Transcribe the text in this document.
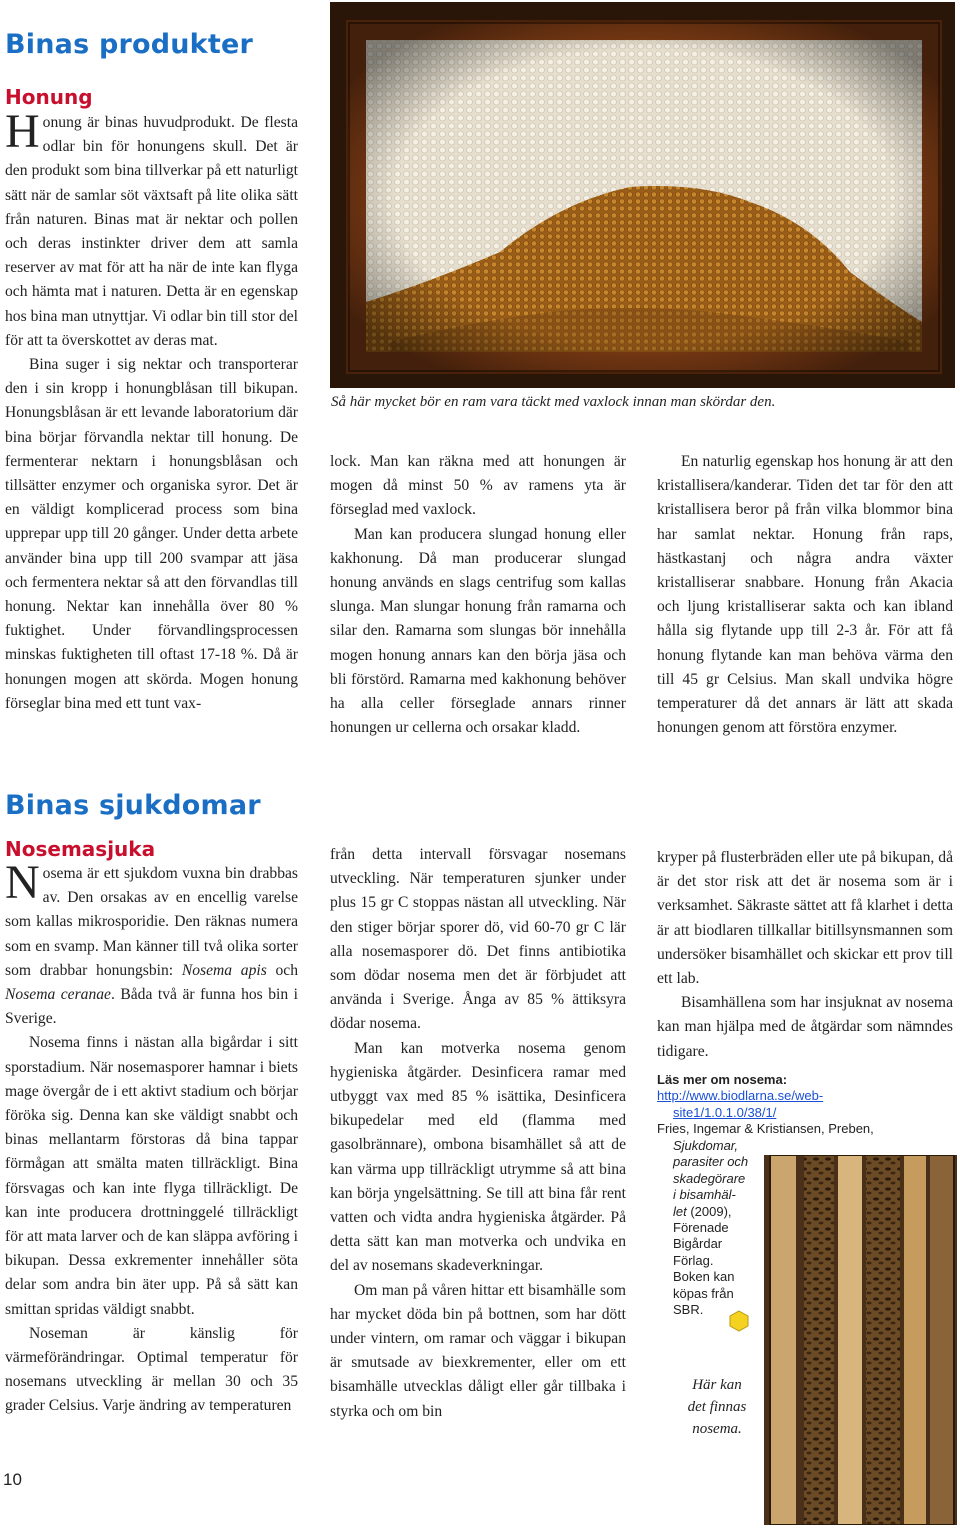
Binas produkter
Honung

Honung är binas huvudprodukt. De flesta odlar bin för honungens skull. Det är den produkt som bina tillverkar på ett naturligt sätt när de samlar söt växtsaft på lite olika sätt från naturen. Binas mat är nektar och pollen och deras instinkter driver dem att samla reserver av mat för att ha när de inte kan flyga och hämta mat i naturen. Detta är en egenskap hos bina man utnyttjar. Vi odlar bin till stor del för att ta överskottet av deras mat.

Bina suger i sig nektar och transporterar den i sin kropp i honungblåsan till bikupan. Honungsblåsan är ett levande laboratorium där bina börjar förvandla nektar till honung. De fermenterar nektarn i honungsblåsan och tillsätter enzymer och organiska syror. Det är en väldigt komplicerad process som bina upprepar upp till 20 gånger. Under detta arbete använder bina upp till 200 svampar att jäsa och fermentera nektar så att den förvandlas till honung. Nektar kan innehålla över 80 % fuktighet. Under förvandlingsprocessen minskas fuktigheten till oftast 17-18 %. Då är honungen mogen att skörda. Mogen honung förseglar bina med ett tunt vax-

Så här mycket bör en ram vara täckt med vaxlock innan man skördar den.

lock. Man kan räkna med att honungen är mogen då minst 50 % av ramens yta är förseglad med vaxlock.

Man kan producera slungad honung eller kakhonung. Då man producerar slungad honung används en slags centrifug som kallas slunga. Man slungar honung från ramarna och silar den. Ramarna som slungas bör innehålla mogen honung annars kan den börja jäsa och bli förstörd. Ramarna med kakhonung behöver ha alla celler förseglade annars rinner honungen ur cellerna och orsakar kladd.

En naturlig egenskap hos honung är att den kristallisera/kanderar. Tiden det tar för den att kristallisera beror på från vilka blommor bina har samlat nektar. Honung från raps, hästkastanj och några andra växter kristalliserar snabbare. Honung från Akacia och ljung kristalliserar sakta och kan ibland hålla sig flytande upp till 2-3 år. För att få honung flytande kan man behöva värma den till 45 gr Celsius. Man skall undvika högre temperaturer då det annars är lätt att skada honungen genom att förstöra enzymer.

Binas sjukdomar
Nosemasjuka

Nosema är ett sjukdom vuxna bin drabbas av. Den orsakas av en encellig varelse som kallas mikrosporidie. Den räknas numera som en svamp. Man känner till två olika sorter som drabbar honungsbin: Nosema apis och Nosema ceranae. Båda två är funna hos bin i Sverige.

Nosema finns i nästan alla bigårdar i sitt sporstadium. När nosemasporer hamnar i biets mage övergår de i ett aktivt stadium och börjar föröka sig. Denna kan ske väldigt snabbt och binas mellantarm förstoras då bina tappar förmågan att smälta maten tillräckligt. Bina försvagas och kan inte flyga tillräckligt. De kan inte producera drottninggelé tillräckligt för att mata larver och de kan släppa avföring i bikupan. Dessa exkrementer innehåller söta delar som andra bin äter upp. På så sätt kan smittan spridas väldigt snabbt.

Noseman är känslig för värmeförändringar. Optimal temperatur för nosemans utveckling är mellan 30 och 35 grader Celsius. Varje ändring av temperaturen

från detta intervall försvagar nosemans utveckling. När temperaturen sjunker under plus 15 gr C stoppas nästan all utveckling. När den stiger börjar sporer dö, vid 60-70 gr C lär alla nosemasporer dö. Det finns antibiotika som dödar nosema men det är förbjudet att använda i Sverige. Ånga av 85 % ättiksyra dödar nosema.

Man kan motverka nosema genom hygieniska åtgärder. Desinficera ramar med utbyggt vax med 85 % isättika, Desinficera bikupedelar med eld (flamma med gasolbrännare), ombona bisamhället så att de kan värma upp tillräckligt utrymme så att bina kan börja yngelsättning. Se till att bina får rent vatten och vidta andra hygieniska åtgärder. På detta sätt kan man motverka och undvika en del av nosemans skadeverkningar.

Om man på våren hittar ett bisamhälle som har mycket döda bin på bottnen, som har dött under vintern, om ramar och väggar i bikupan är smutsade av biexkrementer, eller om ett bisamhälle utvecklas dåligt eller går tillbaka i styrka och om bin

kryper på flusterbräden eller ute på bikupan, då är det stor risk att det är nosema som är i verksamhet. Säkraste sättet att få klarhet i detta är att biodlaren tillkallar bitillsynsmannen som undersöker bisamhället och skickar ett prov till ett lab.

Bisamhällena som har insjuknat av nosema kan man hjälpa med de åtgärdar som nämndes tidigare.

Läs mer om nosema:
http://www.biodlarna.se/web-
site1/1.0.1.0/38/1/
Fries, Ingemar & Kristiansen, Preben,
Sjukdomar,
parasiter och
skadegörare
i bisamhäl-
let (2009),
Förenade
Bigårdar
Förlag.
Boken kan
köpas från
SBR.
Här kan
det finnas
nosema.
10
